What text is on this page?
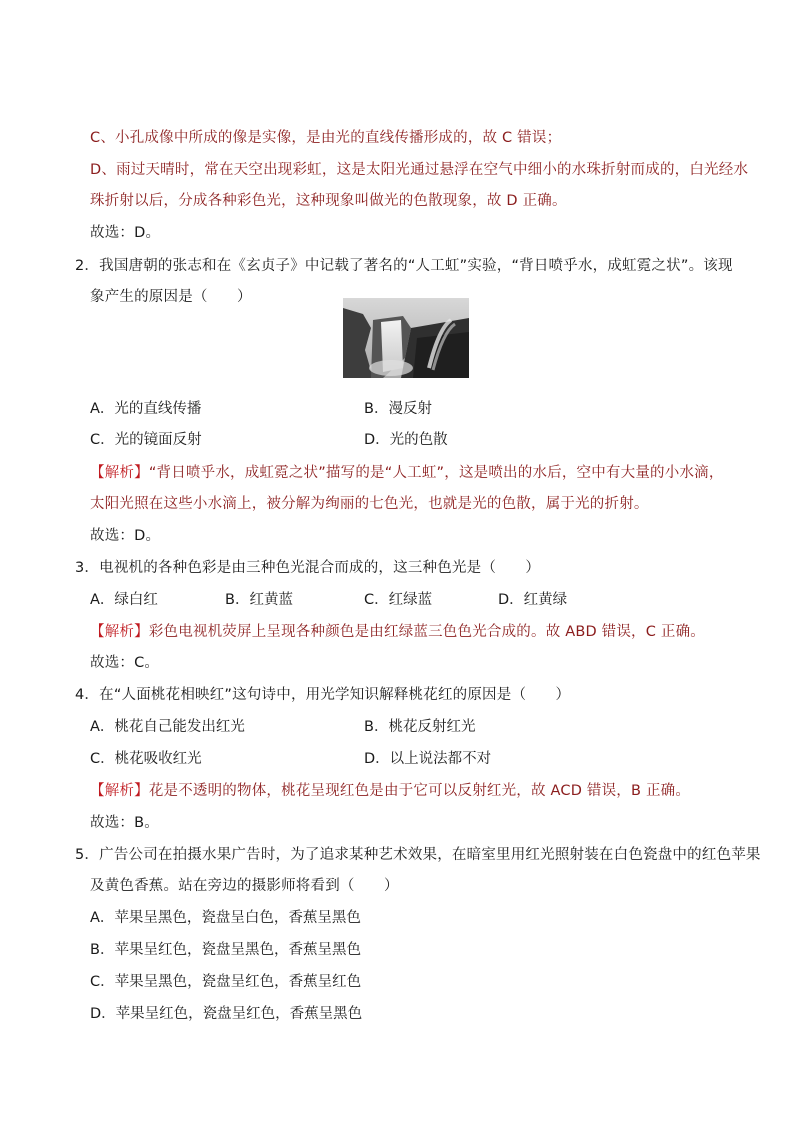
C、小孔成像中所成的像是实像，是由光的直线传播形成的，故 C 错误；
D、雨过天晴时，常在天空出现彩虹，这是太阳光通过悬浮在空气中细小的水珠折射而成的，白光经水
珠折射以后，分成各种彩色光，这种现象叫做光的色散现象，故 D 正确。
故选：D。
2．我国唐朝的张志和在《玄贞子》中记载了著名的“人工虹”实验，“背日喷乎水，成虹霓之状”。该现
象产生的原因是（　　）
A．光的直线传播	B．漫反射
C．光的镜面反射	D．光的色散
【解析】“背日喷乎水，成虹霓之状”描写的是“人工虹”，这是喷出的水后，空中有大量的小水滴，
太阳光照在这些小水滴上，被分解为绚丽的七色光，也就是光的色散，属于光的折射。
故选：D。
3．电视机的各种色彩是由三种色光混合而成的，这三种色光是（　　）
A．绿白红	B．红黄蓝	C．红绿蓝	D．红黄绿
【解析】彩色电视机荧屏上呈现各种颜色是由红绿蓝三色色光合成的。故 ABD 错误，C 正确。
故选：C。
4．在“人面桃花相映红”这句诗中，用光学知识解释桃花红的原因是（　　）
A．桃花自己能发出红光	B．桃花反射红光
C．桃花吸收红光	D．以上说法都不对
【解析】花是不透明的物体，桃花呈现红色是由于它可以反射红光，故 ACD 错误，B 正确。
故选：B。
5．广告公司在拍摄水果广告时，为了追求某种艺术效果，在暗室里用红光照射装在白色瓷盘中的红色苹果
及黄色香蕉。站在旁边的摄影师将看到（　　）
A．苹果呈黑色，瓷盘呈白色，香蕉呈黑色
B．苹果呈红色，瓷盘呈黑色，香蕉呈黑色
C．苹果呈黑色，瓷盘呈红色，香蕉呈红色
D．苹果呈红色，瓷盘呈红色，香蕉呈黑色
